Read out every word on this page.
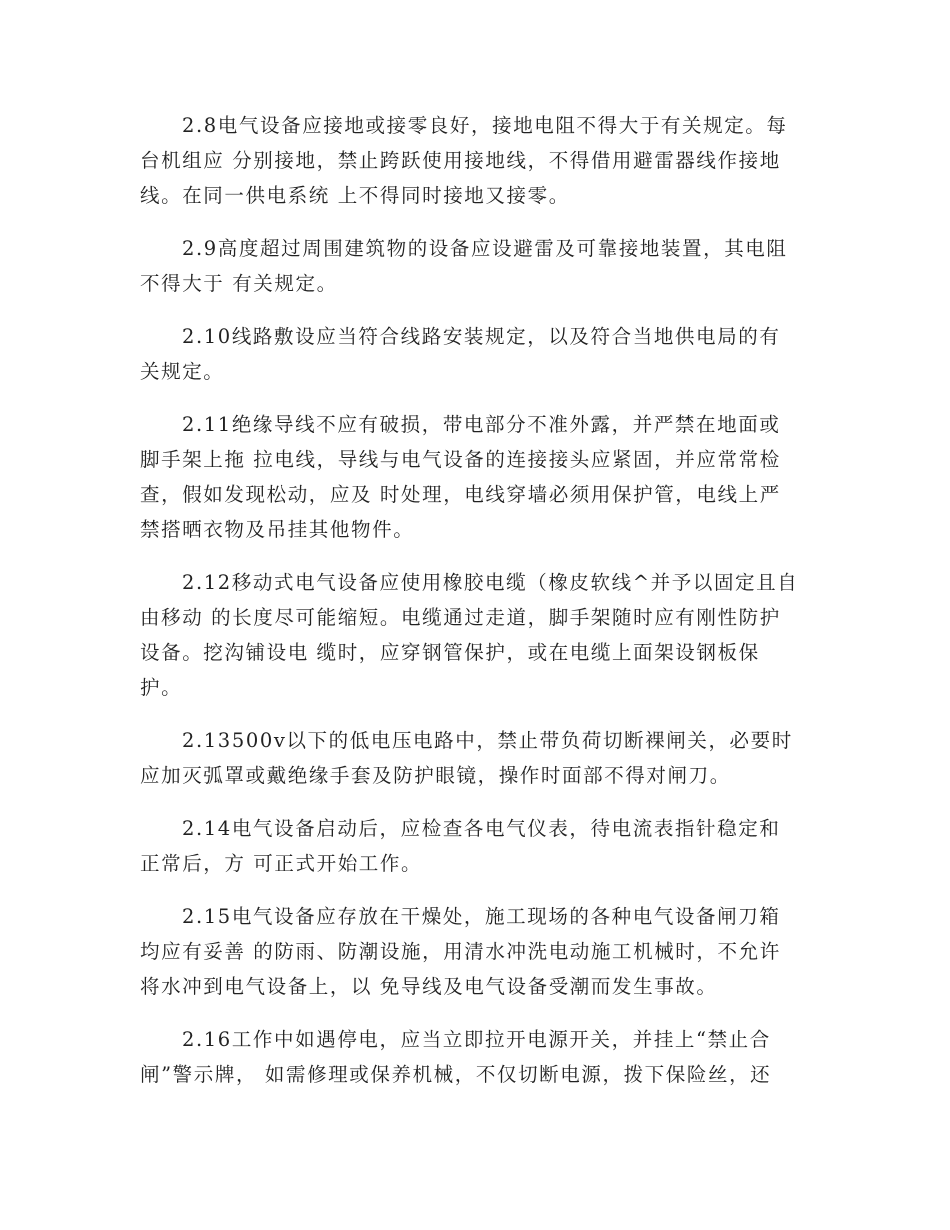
2.8电气设备应接地或接零良好，接地电阻不得大于有关规定。每
台机组应 分别接地，禁止跨跃使用接地线，不得借用避雷器线作接地
线。在同一供电系统 上不得同时接地又接零。

2.9高度超过周围建筑物的设备应设避雷及可靠接地装置，其电阻
不得大于 有关规定。

2.10线路敷设应当符合线路安装规定，以及符合当地供电局的有
关规定。

2.11绝缘导线不应有破损，带电部分不准外露，并严禁在地面或
脚手架上拖 拉电线，导线与电气设备的连接接头应紧固，并应常常检
查，假如发现松动，应及 时处理，电线穿墙必须用保护管，电线上严
禁搭晒衣物及吊挂其他物件。

2.12移动式电气设备应使用橡胶电缆（橡皮软线^并予以固定且自
由移动 的长度尽可能缩短。电缆通过走道，脚手架随时应有刚性防护
设备。挖沟铺设电 缆时，应穿钢管保护，或在电缆上面架设钢板保
护。

2.13500v以下的低电压电路中，禁止带负荷切断裸闸关，必要时
应加灭弧罩或戴绝缘手套及防护眼镜，操作时面部不得对闸刀。

2.14电气设备启动后，应检查各电气仪表，待电流表指针稳定和
正常后，方 可正式开始工作。

2.15电气设备应存放在干燥处，施工现场的各种电气设备闸刀箱
均应有妥善 的防雨、防潮设施，用清水冲洗电动施工机械时，不允许
将水冲到电气设备上，以 免导线及电气设备受潮而发生事故。

2.16工作中如遇停电，应当立即拉开电源开关，并挂上“禁止合
闸”警示牌， 如需修理或保养机械，不仅切断电源，拨下保险丝，还
